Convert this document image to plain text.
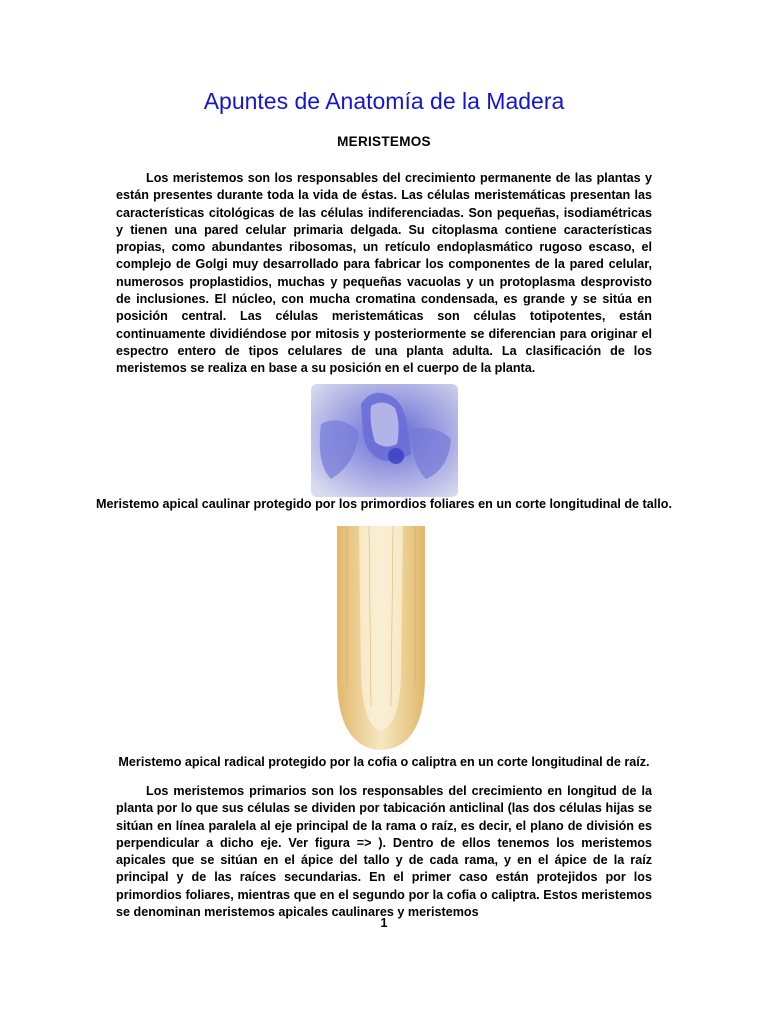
Apuntes de Anatomía de la Madera
MERISTEMOS

Los meristemos son los responsables del crecimiento permanente de las plantas y están presentes durante toda la vida de éstas. Las células meristemáticas presentan las características citológicas de las células indiferenciadas. Son pequeñas, isodiamétricas y tienen una pared celular primaria delgada. Su citoplasma contiene características propias, como abundantes ribosomas, un retículo endoplasmático rugoso escaso, el complejo de Golgi muy desarrollado para fabricar los componentes de la pared celular, numerosos proplastidios, muchas y pequeñas vacuolas y un protoplasma desprovisto de inclusiones. El núcleo, con mucha cromatina condensada, es grande y se sitúa en posición central. Las células meristemáticas son células totipotentes, están continuamente dividiéndose por mitosis y posteriormente se diferencian para originar el espectro entero de tipos celulares de una planta adulta. La clasificación de los meristemos se realiza en base a su posición en el cuerpo de la planta.

Meristemo apical caulinar protegido por los primordios foliares en un corte longitudinal de tallo.
Meristemo apical radical protegido por la cofia o caliptra en un corte longitudinal de raíz.

Los meristemos primarios son los responsables del crecimiento en longitud de la planta por lo que sus células se dividen por tabicación anticlinal (las dos células hijas se sitúan en línea paralela al eje principal de la rama o raíz, es decir, el plano de división es perpendicular a dicho eje. Ver figura => ). Dentro de ellos tenemos los meristemos apicales que se sitúan en el ápice del tallo y de cada rama, y en el ápice de la raíz principal y de las raíces secundarias. En el primer caso están protejidos por los primordios foliares, mientras que en el segundo por la cofia o caliptra. Estos meristemos se denominan meristemos apicales caulinares y meristemos

1
